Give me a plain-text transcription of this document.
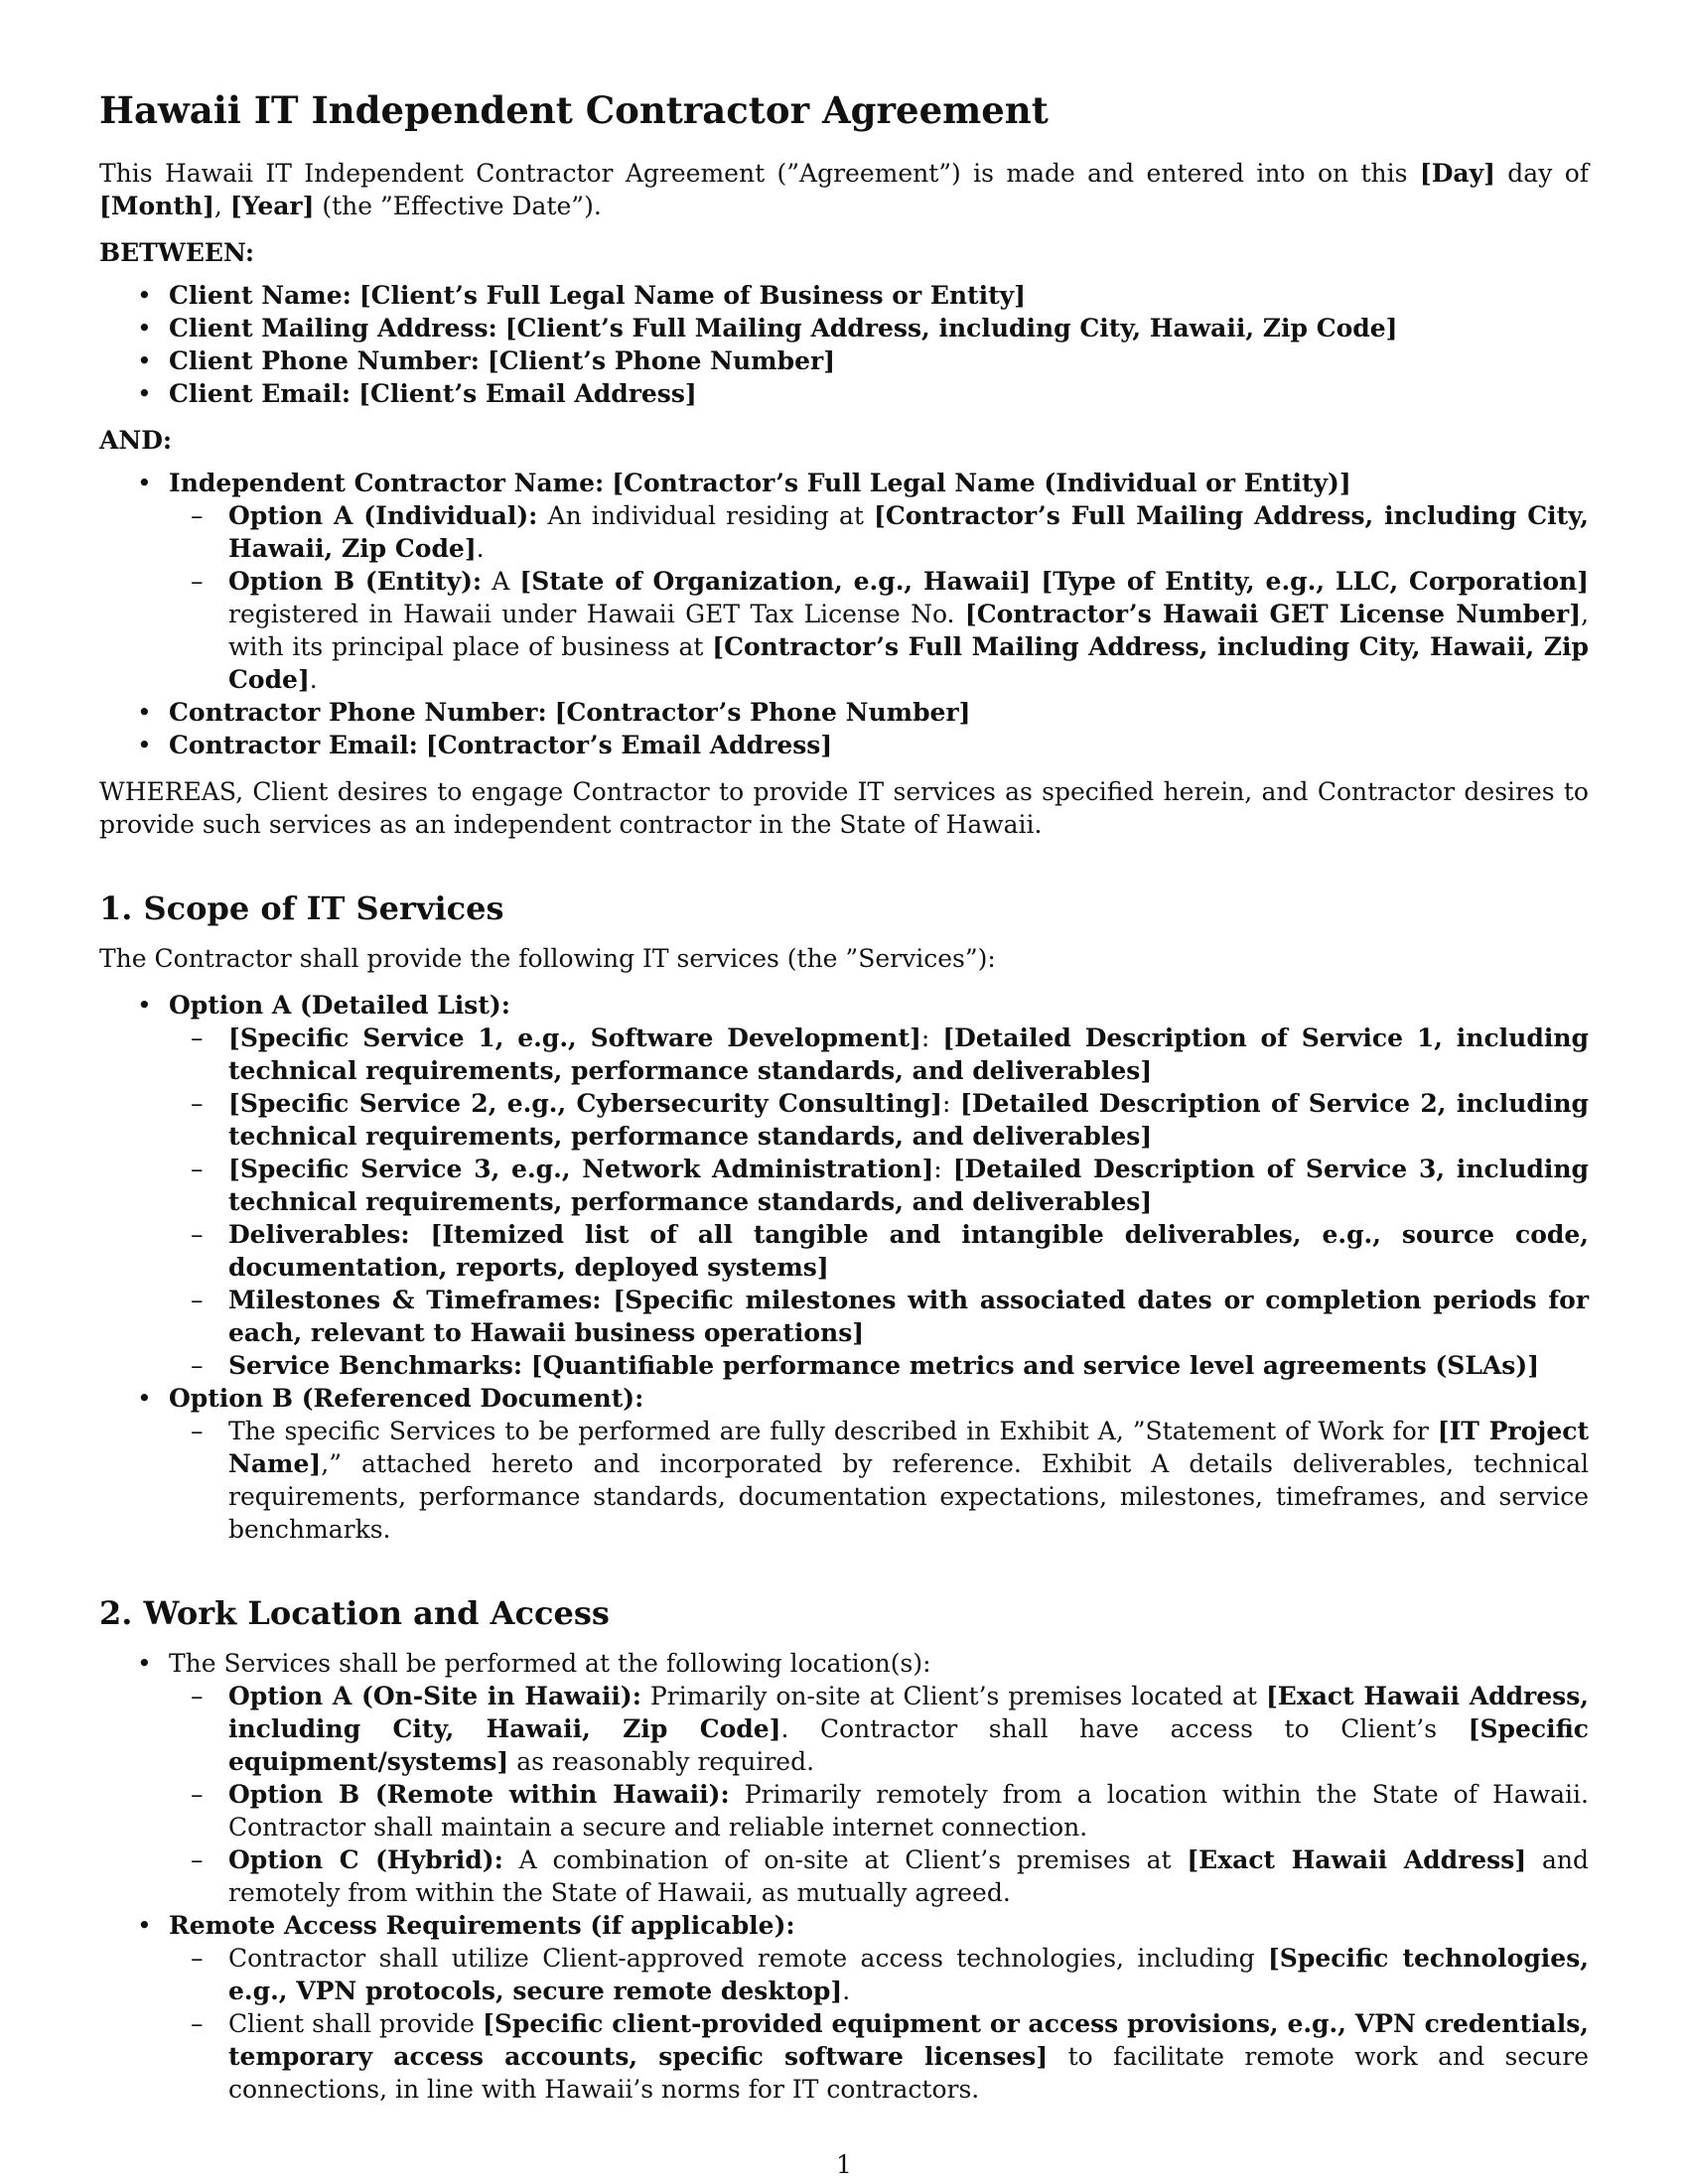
Hawaii IT Independent Contractor Agreement

This Hawaii IT Independent Contractor Agreement (”Agreement”) is made and entered into on this [Day] day of [Month], [Year] (the ”Effective Date”).

BETWEEN:
• Client Name: [Client’s Full Legal Name of Business or Entity]
• Client Mailing Address: [Client’s Full Mailing Address, including City, Hawaii, Zip Code]
• Client Phone Number: [Client’s Phone Number]
• Client Email: [Client’s Email Address]
AND:
• Independent Contractor Name: [Contractor’s Full Legal Name (Individual or Entity)]
– Option A (Individual): An individual residing at [Contractor’s Full Mailing Address, including City, Hawaii, Zip Code].
– Option B (Entity): A [State of Organization, e.g., Hawaii] [Type of Entity, e.g., LLC, Corporation] registered in Hawaii under Hawaii GET Tax License No. [Contractor’s Hawaii GET License Number], with its principal place of business at [Contractor’s Full Mailing Address, including City, Hawaii, Zip Code].
• Contractor Phone Number: [Contractor’s Phone Number]
• Contractor Email: [Contractor’s Email Address]

WHEREAS, Client desires to engage Contractor to provide IT services as specified herein, and Contractor desires to provide such services as an independent contractor in the State of Hawaii.

1. Scope of IT Services

The Contractor shall provide the following IT services (the ”Services”):

• Option A (Detailed List):
– [Specific Service 1, e.g., Software Development]: [Detailed Description of Service 1, including technical requirements, performance standards, and deliverables]
– [Specific Service 2, e.g., Cybersecurity Consulting]: [Detailed Description of Service 2, including technical requirements, performance standards, and deliverables]
– [Specific Service 3, e.g., Network Administration]: [Detailed Description of Service 3, including technical requirements, performance standards, and deliverables]
– Deliverables: [Itemized list of all tangible and intangible deliverables, e.g., source code, documentation, reports, deployed systems]
– Milestones & Timeframes: [Specific milestones with associated dates or completion periods for each, relevant to Hawaii business operations]
– Service Benchmarks: [Quantifiable performance metrics and service level agreements (SLAs)]
• Option B (Referenced Document):
– The specific Services to be performed are fully described in Exhibit A, ”Statement of Work for [IT Project Name],” attached hereto and incorporated by reference. Exhibit A details deliverables, technical requirements, performance standards, documentation expectations, milestones, timeframes, and service benchmarks.
2. Work Location and Access
• The Services shall be performed at the following location(s):
– Option A (On-Site in Hawaii): Primarily on-site at Client’s premises located at [Exact Hawaii Address, including City, Hawaii, Zip Code]. Contractor shall have access to Client’s [Specific equipment/systems] as reasonably required.
– Option B (Remote within Hawaii): Primarily remotely from a location within the State of Hawaii. Contractor shall maintain a secure and reliable internet connection.
– Option C (Hybrid): A combination of on-site at Client’s premises at [Exact Hawaii Address] and remotely from within the State of Hawaii, as mutually agreed.
• Remote Access Requirements (if applicable):
– Contractor shall utilize Client-approved remote access technologies, including [Specific technologies, e.g., VPN protocols, secure remote desktop].
– Client shall provide [Specific client-provided equipment or access provisions, e.g., VPN credentials, temporary access accounts, specific software licenses] to facilitate remote work and secure connections, in line with Hawaii’s norms for IT contractors.
1
